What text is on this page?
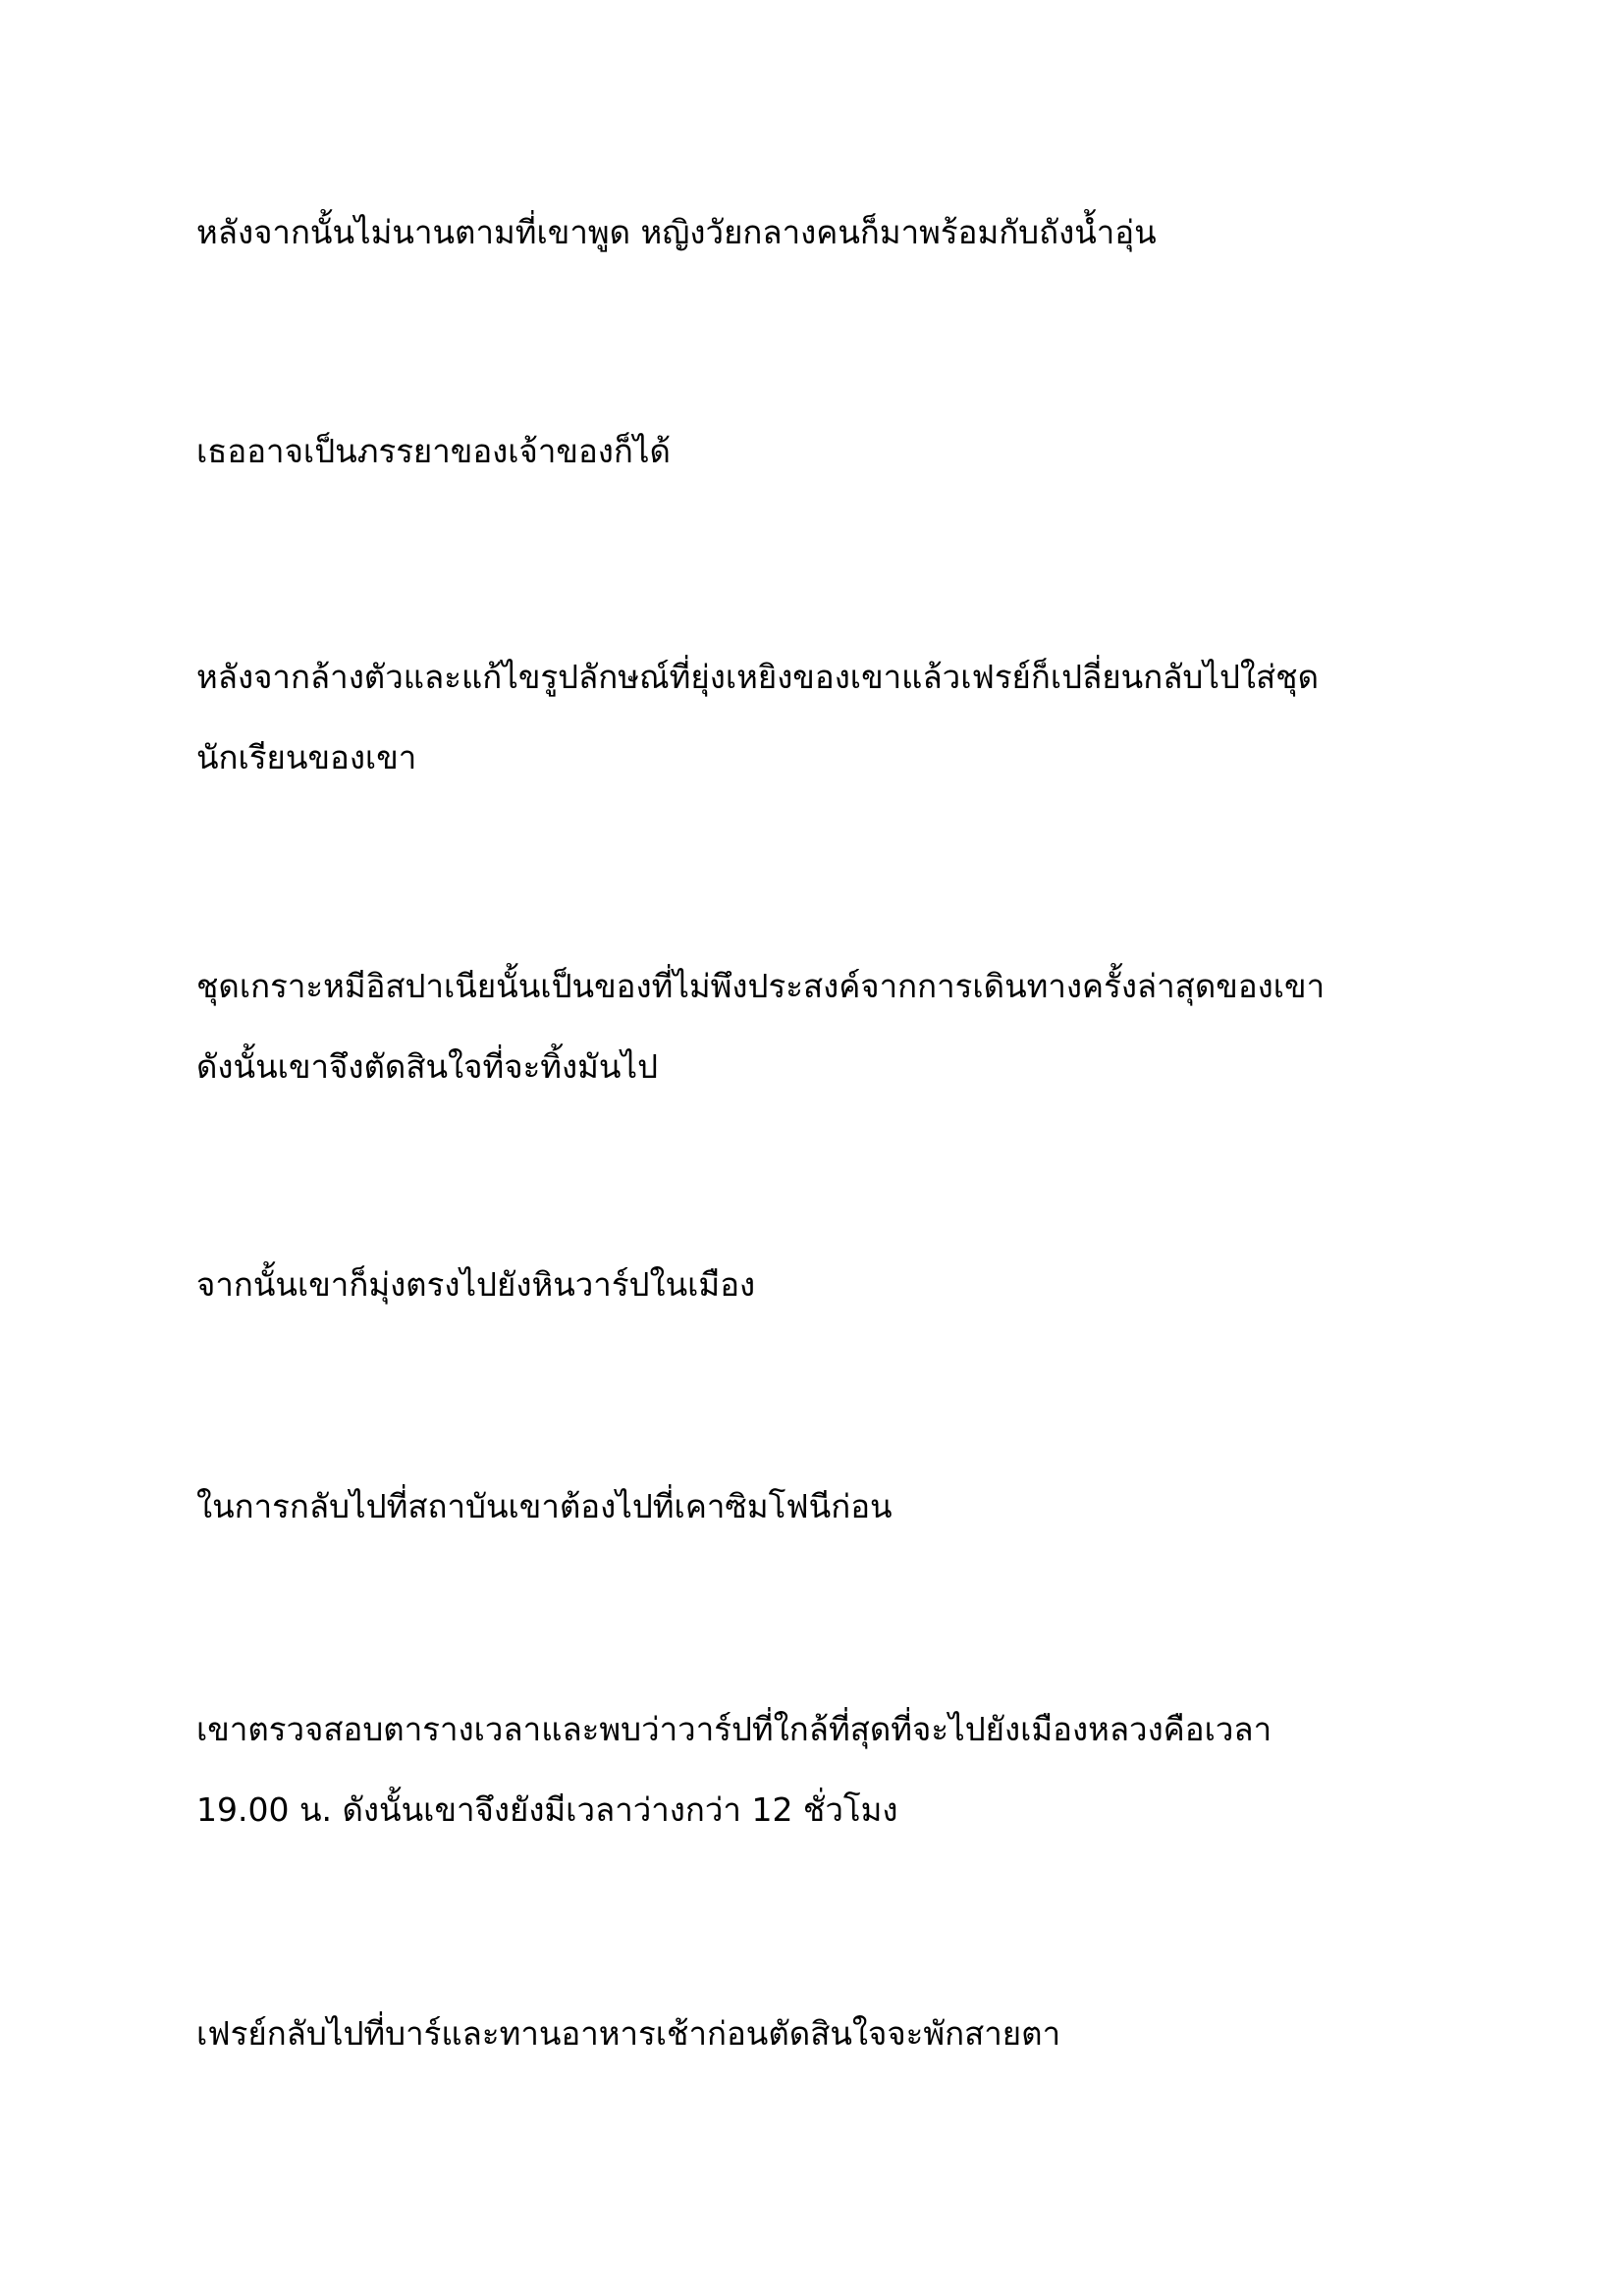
หลังจากนั้นไม่นานตามที่เขาพูด หญิงวัยกลางคนก็มาพร้อมกับถังน้ำอุ่น

เธออาจเป็นภรรยาของเจ้าของก็ได้

หลังจากล้างตัวและแก้ไขรูปลักษณ์ที่ยุ่งเหยิงของเขาแล้วเฟรย์ก็เปลี่ยนกลับไปใส่ชุด
นักเรียนของเขา

ชุดเกราะหมีอิสปาเนียนั้นเป็นของที่ไม่พึงประสงค์จากการเดินทางครั้งล่าสุดของเขา
ดังนั้นเขาจึงตัดสินใจที่จะทิ้งมันไป

จากนั้นเขาก็มุ่งตรงไปยังหินวาร์ปในเมือง

ในการกลับไปที่สถาบันเขาต้องไปที่เคาซิมโฟนีก่อน

เขาตรวจสอบตารางเวลาและพบว่าวาร์ปที่ใกล้ที่สุดที่จะไปยังเมืองหลวงคือเวลา
19.00 น. ดังนั้นเขาจึงยังมีเวลาว่างกว่า 12 ชั่วโมง

เฟรย์กลับไปที่บาร์และทานอาหารเช้าก่อนตัดสินใจจะพักสายตา
